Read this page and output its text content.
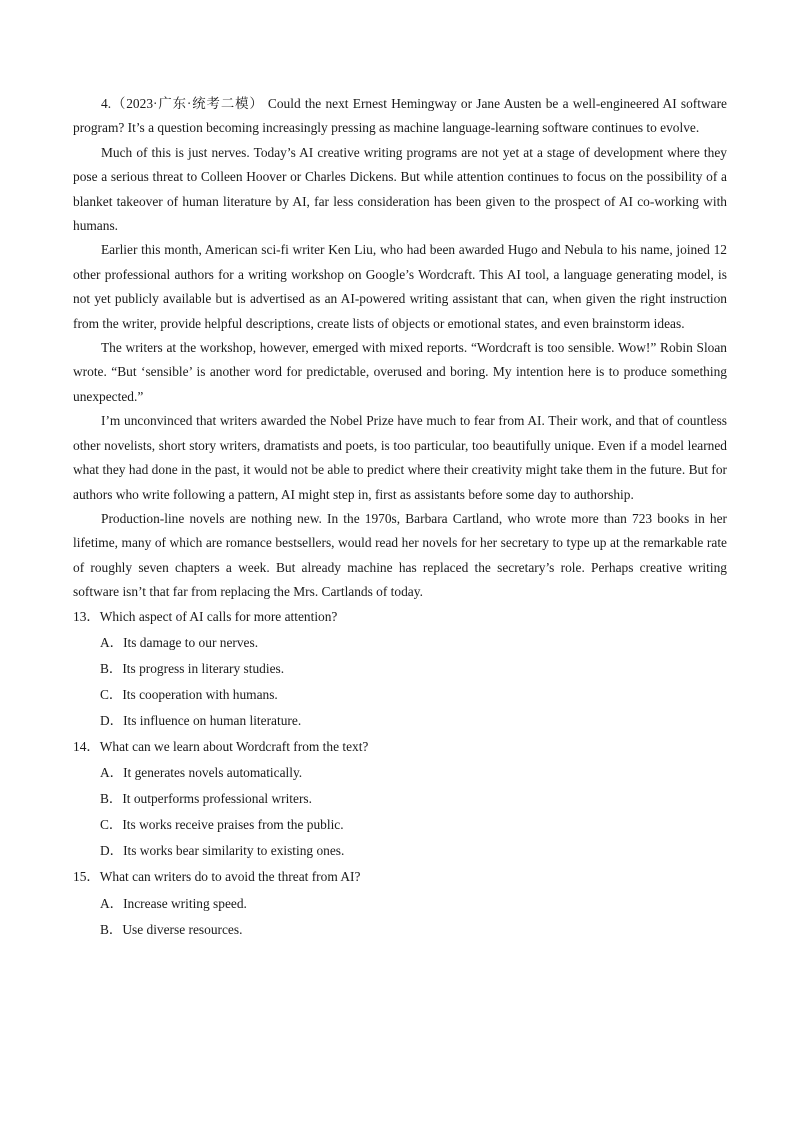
4.（2023·广东·统考二模） Could the next Ernest Hemingway or Jane Austen be a well-engineered AI software program? It’s a question becoming increasingly pressing as machine language-learning software continues to evolve.

Much of this is just nerves. Today’s AI creative writing programs are not yet at a stage of development where they pose a serious threat to Colleen Hoover or Charles Dickens. But while attention continues to focus on the possibility of a blanket takeover of human literature by AI, far less consideration has been given to the prospect of AI co-working with humans.

Earlier this month, American sci-fi writer Ken Liu, who had been awarded Hugo and Nebula to his name, joined 12 other professional authors for a writing workshop on Google’s Wordcraft. This AI tool, a language generating model, is not yet publicly available but is advertised as an AI-powered writing assistant that can, when given the right instruction from the writer, provide helpful descriptions, create lists of objects or emotional states, and even brainstorm ideas.

The writers at the workshop, however, emerged with mixed reports. “Wordcraft is too sensible. Wow!” Robin Sloan wrote. “But ‘sensible’ is another word for predictable, overused and boring. My intention here is to produce something unexpected.”

I’m unconvinced that writers awarded the Nobel Prize have much to fear from AI. Their work, and that of countless other novelists, short story writers, dramatists and poets, is too particular, too beautifully unique. Even if a model learned what they had done in the past, it would not be able to predict where their creativity might take them in the future. But for authors who write following a pattern, AI might step in, first as assistants before some day to authorship.

Production-line novels are nothing new. In the 1970s, Barbara Cartland, who wrote more than 723 books in her lifetime, many of which are romance bestsellers, would read her novels for her secretary to type up at the remarkable rate of roughly seven chapters a week. But already machine has replaced the secretary’s role. Perhaps creative writing software isn’t that far from replacing the Mrs. Cartlands of today.

13．Which aspect of AI calls for more attention?

A．Its damage to our nerves.
B．Its progress in literary studies.
C．Its cooperation with humans.
D．Its influence on human literature.

14．What can we learn about Wordcraft from the text?

A．It generates novels automatically.
B．It outperforms professional writers.
C．Its works receive praises from the public.
D．Its works bear similarity to existing ones.

15．What can writers do to avoid the threat from AI?

A．Increase writing speed.
B．Use diverse resources.
